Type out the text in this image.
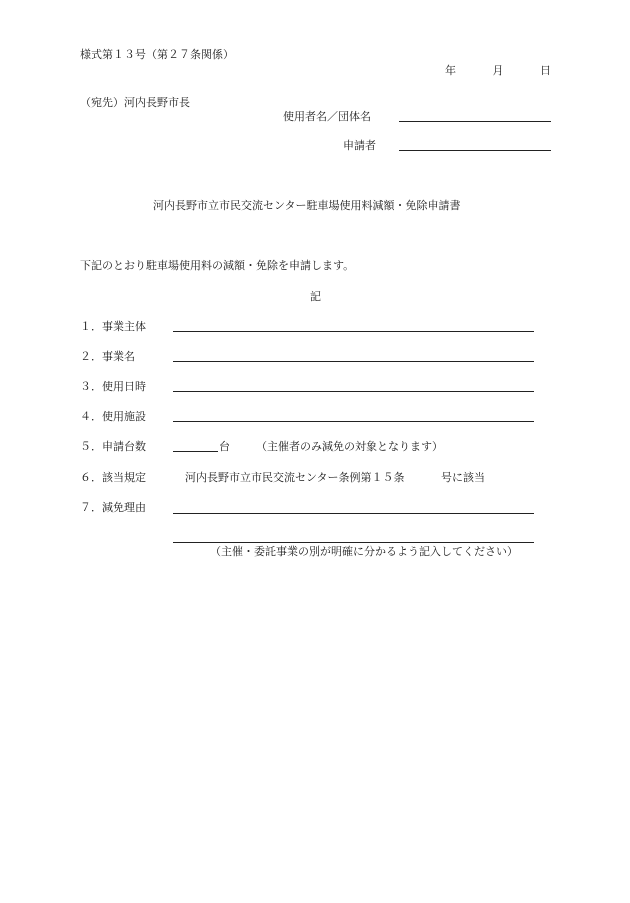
様式第１３号（第２７条関係）
年	月	日
（宛先）河内長野市長
使用者名／団体名
申請者
河内長野市立市民交流センター駐車場使用料減額・免除申請書
下記のとおり駐車場使用料の減額・免除を申請します。
記
１．事業主体
２．事業名
３．使用日時
４．使用施設
５．申請台数	台 （主催者のみ減免の対象となります）
６．該当規定	河内長野市立市民交流センター条例第１５条	号に該当
７．減免理由
（主催・委託事業の別が明確に分かるよう記入してください）
